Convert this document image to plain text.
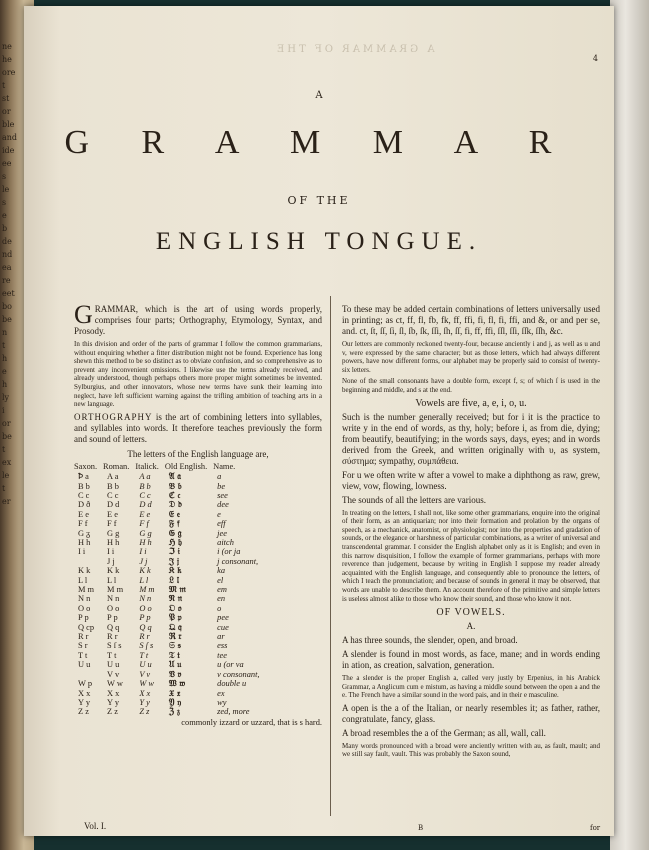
A GRAMMAR OF THE
4
A
G R A M M A R
OF THE
ENGLISH TONGUE.

G RAMMAR, which is the art of using words properly, comprises four parts; Orthography, Etymology, Syntax, and Prosody.

In this division and order of the parts of grammar I follow the common grammarians, without enquiring whether a fitter distribution might not be found. Experience has long shewn this method to be so distinct as to obviate confusion, and so comprehensive as to prevent any inconvenient omissions. I likewise use the terms already received, and already understood, though perhaps others more proper might sometimes be invented. Sylburgius, and other innovators, whose new terms have sunk their learning into neglect, have left sufficient warning against the trifling ambition of teaching arts in a new language.

ORTHOGRAPHY is the art of combining letters into syllables, and syllables into words. It therefore teaches previously the form and sound of letters.

The letters of the English language are,
Saxon.	Roman.	Italick.	Old English.	Name.
Ꝥ a	A a	A a	𝔄 𝔞	a
B b	B b	B b	𝔅 𝔟	be
C c	C c	C c	ℭ 𝔠	see
D ð	D d	D d	𝔇 𝔡	dee
E e	E e	E e	𝔈 𝔢	e
F f	F f	F f	𝔉 𝔣	eff
G ᵹ	G g	G g	𝔊 𝔤	jee
H h	H h	H h	ℌ 𝔥	aitch
I i	I i	I i	ℑ 𝔦	i (or ja
	J j	J j	𝔍 𝔧	j consonant,
K k	K k	K k	𝔎 𝔨	ka
L l	L l	L l	𝔏 𝔩	el
M m	M m	M m	𝔐 𝔪	em
N n	N n	N n	𝔑 𝔫	en
O o	O o	O o	𝔒 𝔬	o
P p	P p	P p	𝔓 𝔭	pee
Q cp	Q q	Q q	𝔔 𝔮	cue
R r	R r	R r	ℜ 𝔯	ar
S r	S ſ s	S ſ s	𝔖 𝔰	ess
T t	T t	T t	𝔗 𝔱	tee
U u	U u	U u	𝔘 𝔲	u (or va
	V v	V v	𝔙 𝔳	v consonant,
W p	W w	W w	𝔚 𝔴	double u
X x	X x	X x	𝔛 𝔵	ex
Y y	Y y	Y y	𝔜 𝔶	wy
Z z	Z z	Z z	ℨ 𝔷	zed, more
commonly izzard or uzzard, that is s hard.

To these may be added certain combinations of letters universally used in printing; as ct, ff, fl, fb, fk, ff, ffi, fi, fl, fi, ffi, and &, or and per se, and. ct, ſt, ſſ, ſi, ſl, ſb, ſk, ſſi, ſh, ſſ, fi, ff, ffi, ſſl, ſſi, ſſk, ſſh, &c.

Our letters are commonly reckoned twenty-four, because anciently i and j, as well as u and v, were expressed by the same character; but as those letters, which had always different powers, have now different forms, our alphabet may be properly said to consist of twenty-six letters.

None of the small consonants have a double form, except f, s; of which ſ is used in the beginning and middle, and s at the end.

Vowels are five, a, e, i, o, u.

Such is the number generally received; but for i it is the practice to write y in the end of words, as thy, holy; before i, as from die, dying; from beautify, beautifying; in the words says, days, eyes; and in words derived from the Greek, and written originally with υ, as system, σύστημα; sympathy, συμπάθεια.

For u we often write w after a vowel to make a diphthong as raw, grew, view, vow, flowing, lowness.

The sounds of all the letters are various.

In treating on the letters, I shall not, like some other grammarians, enquire into the original of their form, as an antiquarian; nor into their formation and prolation by the organs of speech, as a mechanick, anatomist, or physiologist; nor into the properties and gradation of sounds, or the elegance or harshness of particular combinations, as a writer of universal and transcendental grammar. I consider the English alphabet only as it is English; and even in this narrow disquisition, I follow the example of former grammarians, perhaps with more reverence than judgement, because by writing in English I suppose my reader already acquainted with the English language, and consequently able to pronounce the letters, of which I teach the pronunciation; and because of sounds in general it may be observed, that words are unable to describe them. An account therefore of the primitive and simple letters is useless almost alike to those who know their sound, and those who know it not.

OF VOWELS.

A.

A has three sounds, the slender, open, and broad.

A slender is found in most words, as face, mane; and in words ending in ation, as creation, salvation, generation.

The a slender is the proper English a, called very justly by Erpenius, in his Arabick Grammar, a Anglicum cum e mistum, as having a middle sound between the open a and the e. The French have a similar sound in the word pais, and in their e masculine.

A open is the a of the Italian, or nearly resembles it; as father, rather, congratulate, fancy, glass.

A broad resembles the a of the German; as all, wall, call.

Many words pronounced with a broad were anciently written with au, as fault, mault; and we still say fault, vault. This was probably the Saxon sound,

Vol. I.	B	for
ne
he
ore
t
st
or
ble
and
ide
ee
s
le
s
e
b
de
nd
ea
re
eet
bo
be
n
t
h
e
h
ly
i
or
be
t
ex
le
t
er
